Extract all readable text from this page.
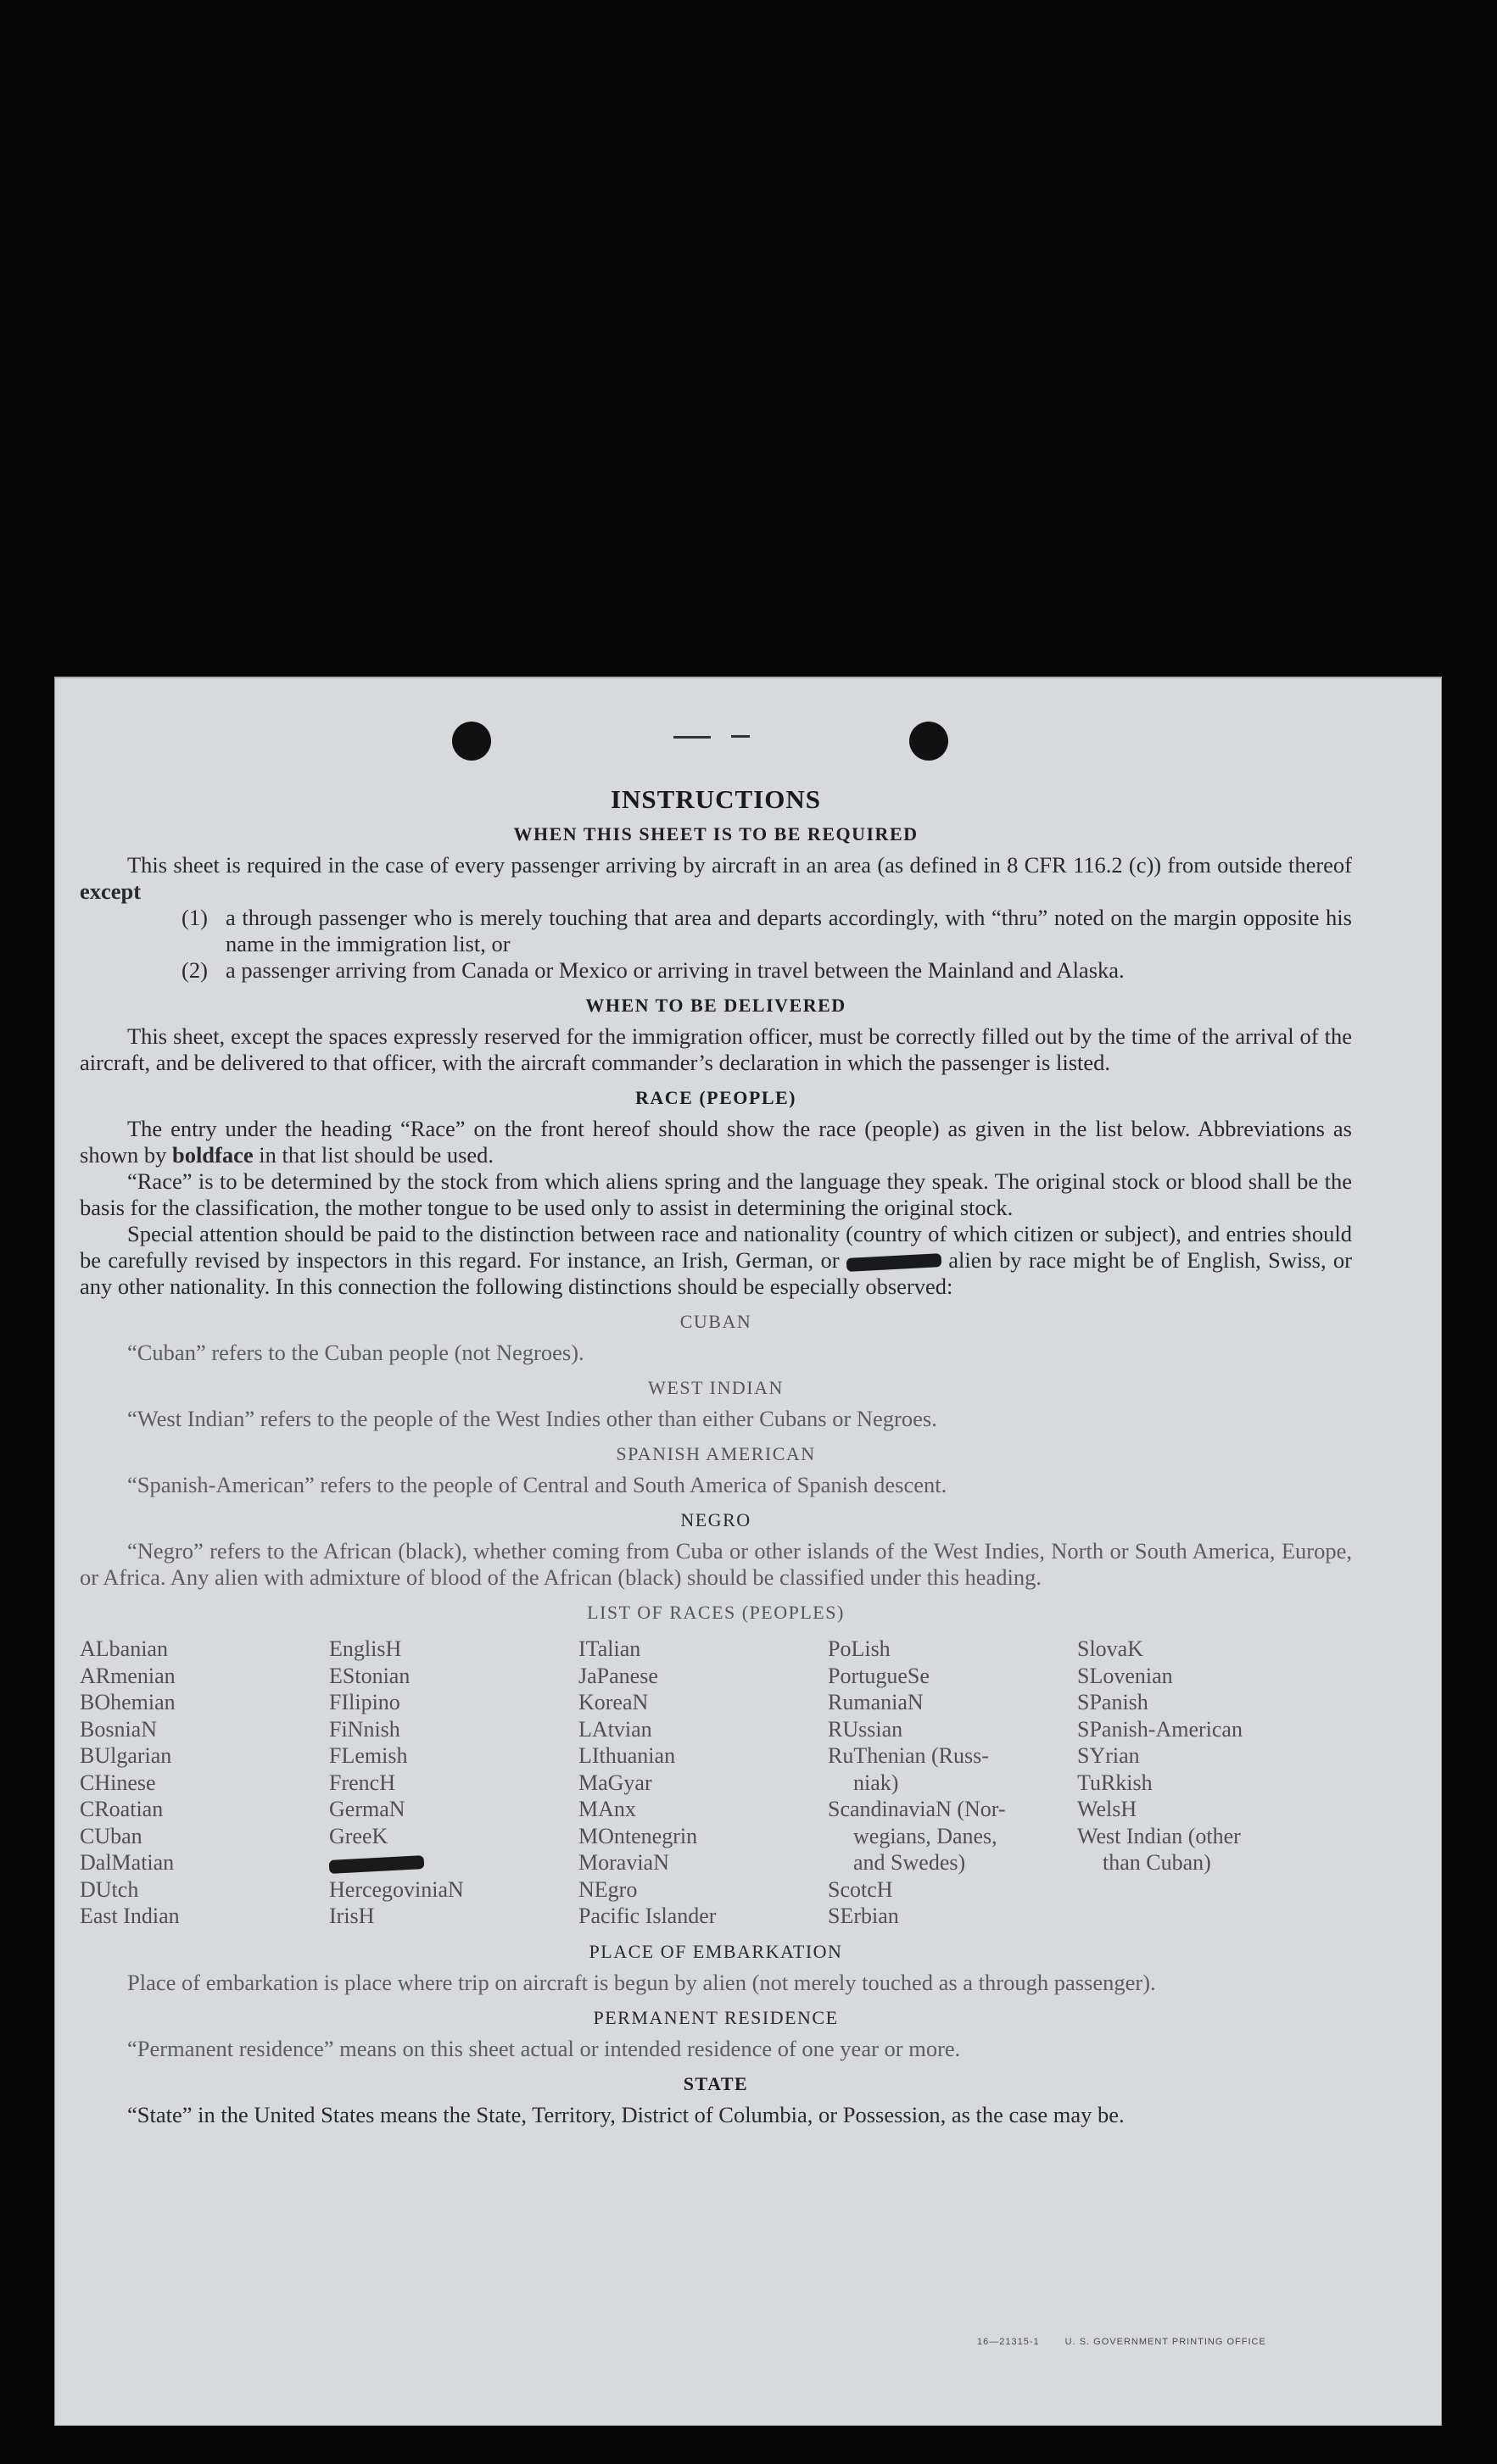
INSTRUCTIONS
WHEN THIS SHEET IS TO BE REQUIRED

This sheet is required in the case of every passenger arriving by aircraft in an area (as defined in 8 CFR 116.2 (c)) from outside thereof except

(1) a through passenger who is merely touching that area and departs accordingly, with “thru” noted on the margin opposite his name in the immigration list, or
(2) a passenger arriving from Canada or Mexico or arriving in travel between the Mainland and Alaska.
WHEN TO BE DELIVERED

This sheet, except the spaces expressly reserved for the immigration officer, must be correctly filled out by the time of the arrival of the aircraft, and be delivered to that officer, with the aircraft commander’s declaration in which the passenger is listed.

RACE (PEOPLE)

The entry under the heading “Race” on the front hereof should show the race (people) as given in the list below. Abbreviations as shown by boldface in that list should be used.

“Race” is to be determined by the stock from which aliens spring and the language they speak. The original stock or blood shall be the basis for the classification, the mother tongue to be used only to assist in determining the original stock.

Special attention should be paid to the distinction between race and nationality (country of which citizen or subject), and entries should be carefully revised by inspectors in this regard. For instance, an Irish, German, or	alien by race might be of English, Swiss, or any other nationality. In this connection the following distinctions should be especially observed:

CUBAN

“Cuban” refers to the Cuban people (not Negroes).

WEST INDIAN

“West Indian” refers to the people of the West Indies other than either Cubans or Negroes.

SPANISH AMERICAN

“Spanish-American” refers to the people of Central and South America of Spanish descent.

NEGRO

“Negro” refers to the African (black), whether coming from Cuba or other islands of the West Indies, North or South America, Europe, or Africa. Any alien with admixture of blood of the African (black) should be classified under this heading.

LIST OF RACES (PEOPLES)
ALbanian
ARmenian
BOhemian
BosniaN
BUlgarian
CHinese
CRoatian
CUban
DalMatian
DUtch
East Indian
EnglisH
EStonian
FIlipino
FiNnish
FLemish
FrencH
GermaN
GreeK
HercegoviniaN
IrisH
ITalian
JaPanese
KoreaN
LAtvian
LIthuanian
MaGyar
MAnx
MOntenegrin
MoraviaN
NEgro
Pacific Islander
PoLish
PortugueSe
RumaniaN
RUssian
RuThenian (Russ-
niak)
ScandinaviaN (Nor-
wegians, Danes,
and Swedes)
ScotcH
SErbian
SlovaK
SLovenian
SPanish
SPanish-American
SYrian
TuRkish
WelsH
West Indian (other
than Cuban)
PLACE OF EMBARKATION

Place of embarkation is place where trip on aircraft is begun by alien (not merely touched as a through passenger).

PERMANENT RESIDENCE

“Permanent residence” means on this sheet actual or intended residence of one year or more.

STATE

“State” in the United States means the State, Territory, District of Columbia, or Possession, as the case may be.

16—21315-1	U. S. GOVERNMENT PRINTING OFFICE
